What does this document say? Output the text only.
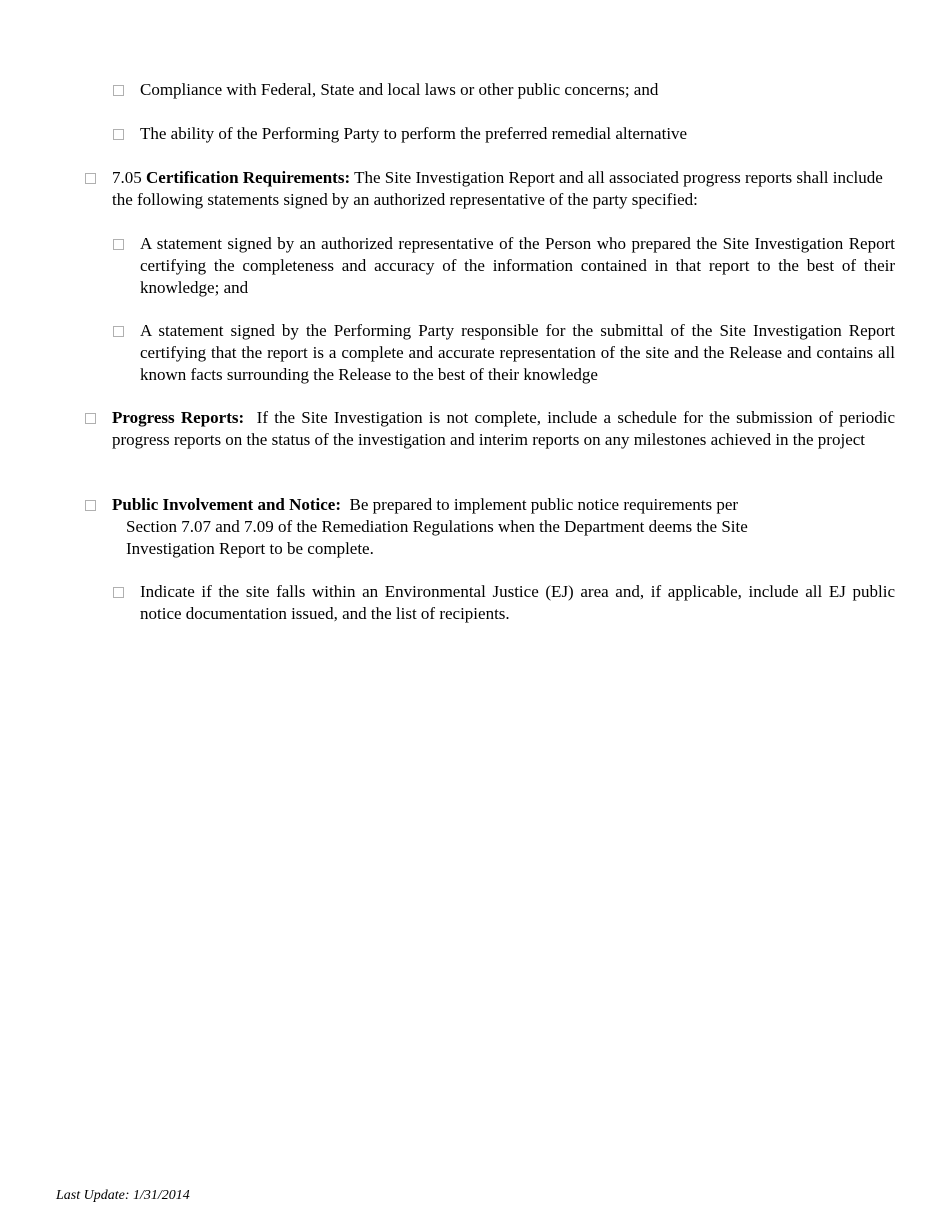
Compliance with Federal, State and local laws or other public concerns; and
The ability of the Performing Party to perform the preferred remedial alternative
7.05 Certification Requirements: The Site Investigation Report and all associated progress reports shall include the following statements signed by an authorized representative of the party specified:
A statement signed by an authorized representative of the Person who prepared the Site Investigation Report certifying the completeness and accuracy of the information contained in that report to the best of their knowledge; and
A statement signed by the Performing Party responsible for the submittal of the Site Investigation Report certifying that the report is a complete and accurate representation of the site and the Release and contains all known facts surrounding the Release to the best of their knowledge
Progress Reports: If the Site Investigation is not complete, include a schedule for the submission of periodic progress reports on the status of the investigation and interim reports on any milestones achieved in the project
Public Involvement and Notice: Be prepared to implement public notice requirements per
Section 7.07 and 7.09 of the Remediation Regulations when the Department deems the Site
Investigation Report to be complete.
Indicate if the site falls within an Environmental Justice (EJ) area and, if applicable, include all EJ public notice documentation issued, and the list of recipients.
Last Update: 1/31/2014
